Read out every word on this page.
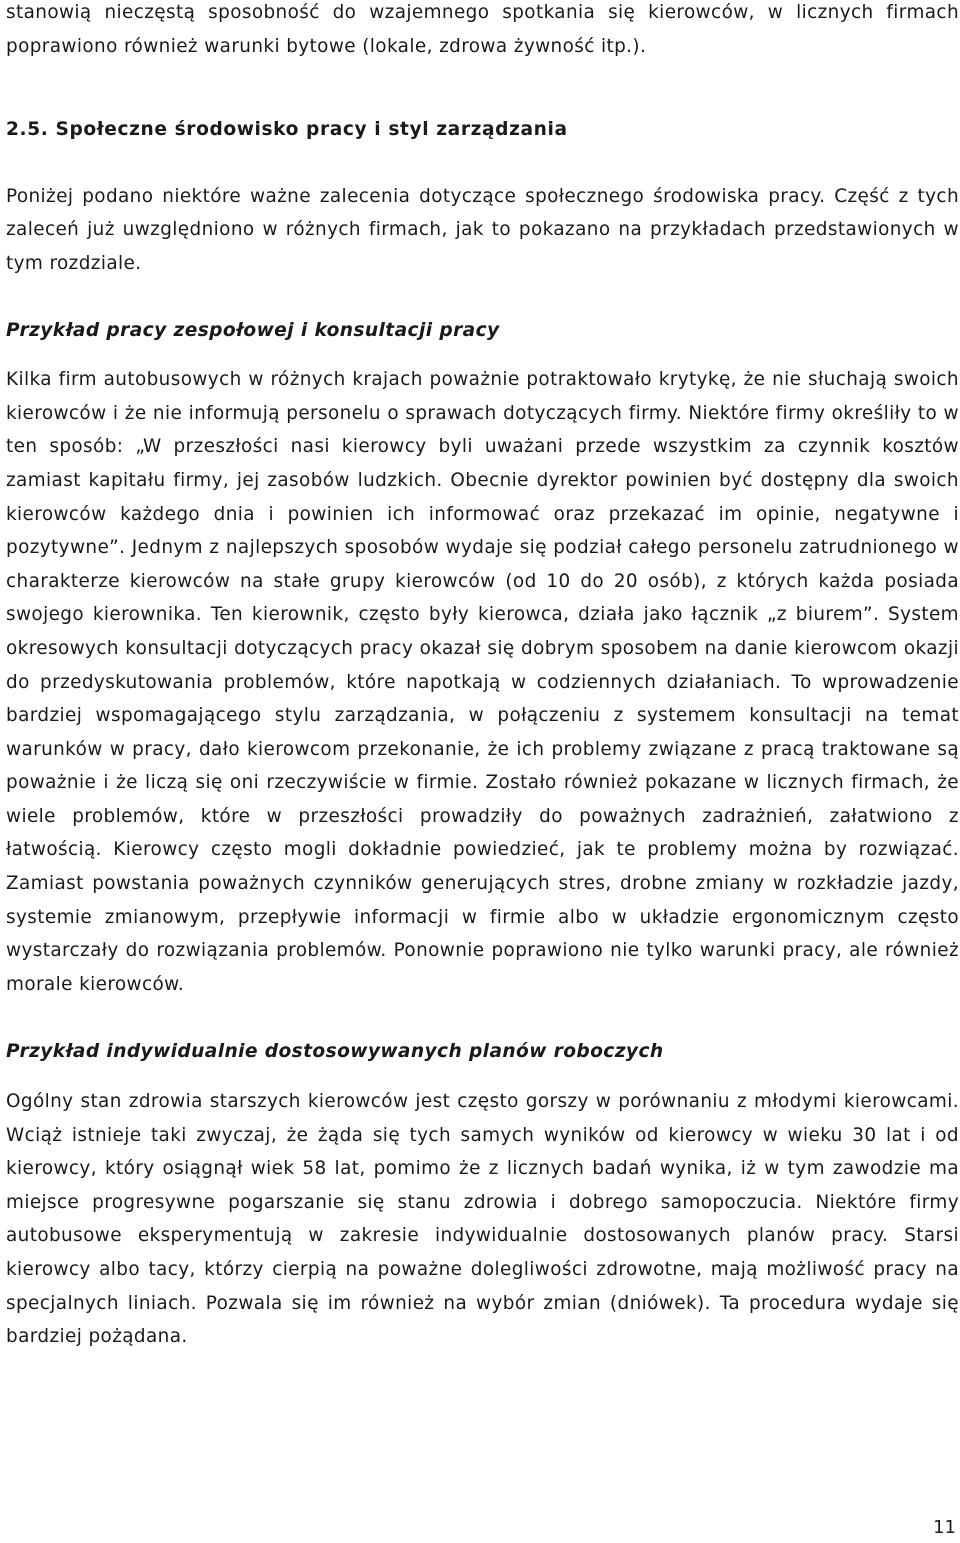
stanowią nieczęstą sposobność do wzajemnego spotkania się kierowców, w licznych firmach poprawiono również warunki bytowe (lokale, zdrowa żywność itp.).

2.5. Społeczne środowisko pracy i styl zarządzania

Poniżej podano niektóre ważne zalecenia dotyczące społecznego środowiska pracy. Część z tych zaleceń już uwzględniono w różnych firmach, jak to pokazano na przykładach przedstawionych w tym rozdziale.

Przykład pracy zespołowej i konsultacji pracy

Kilka firm autobusowych w różnych krajach poważnie potraktowało krytykę, że nie słuchają swoich kierowców i że nie informują personelu o sprawach dotyczących firmy. Niektóre firmy określiły to w ten sposób: „W przeszłości nasi kierowcy byli uważani przede wszystkim za czynnik kosztów zamiast kapitału firmy, jej zasobów ludzkich. Obecnie dyrektor powinien być dostępny dla swoich kierowców każdego dnia i powinien ich informować oraz przekazać im opinie, negatywne i pozytywne”. Jednym z najlepszych sposobów wydaje się podział całego personelu zatrudnionego w charakterze kierowców na stałe grupy kierowców (od 10 do 20 osób), z których każda posiada swojego kierownika. Ten kierownik, często były kierowca, działa jako łącznik „z biurem”. System okresowych konsultacji dotyczących pracy okazał się dobrym sposobem na danie kierowcom okazji do przedyskutowania problemów, które napotkają w codziennych działaniach. To wprowadzenie bardziej wspomagającego stylu zarządzania, w połączeniu z systemem konsultacji na temat warunków w pracy, dało kierowcom przekonanie, że ich problemy związane z pracą traktowane są poważnie i że liczą się oni rzeczywiście w firmie. Zostało również pokazane w licznych firmach, że wiele problemów, które w przeszłości prowadziły do poważnych zadrażnień, załatwiono z łatwością. Kierowcy często mogli dokładnie powiedzieć, jak te problemy można by rozwiązać. Zamiast powstania poważnych czynników generujących stres, drobne zmiany w rozkładzie jazdy, systemie zmianowym, przepływie informacji w firmie albo w układzie ergonomicznym często wystarczały do rozwiązania problemów. Ponownie poprawiono nie tylko warunki pracy, ale również morale kierowców.

Przykład indywidualnie dostosowywanych planów roboczych

Ogólny stan zdrowia starszych kierowców jest często gorszy w porównaniu z młodymi kierowcami. Wciąż istnieje taki zwyczaj, że żąda się tych samych wyników od kierowcy w wieku 30 lat i od kierowcy, który osiągnął wiek 58 lat, pomimo że z licznych badań wynika, iż w tym zawodzie ma miejsce progresywne pogarszanie się stanu zdrowia i dobrego samopoczucia. Niektóre firmy autobusowe eksperymentują w zakresie indywidualnie dostosowanych planów pracy. Starsi kierowcy albo tacy, którzy cierpią na poważne dolegliwości zdrowotne, mają możliwość pracy na specjalnych liniach. Pozwala się im również na wybór zmian (dniówek). Ta procedura wydaje się bardziej pożądana.

11
